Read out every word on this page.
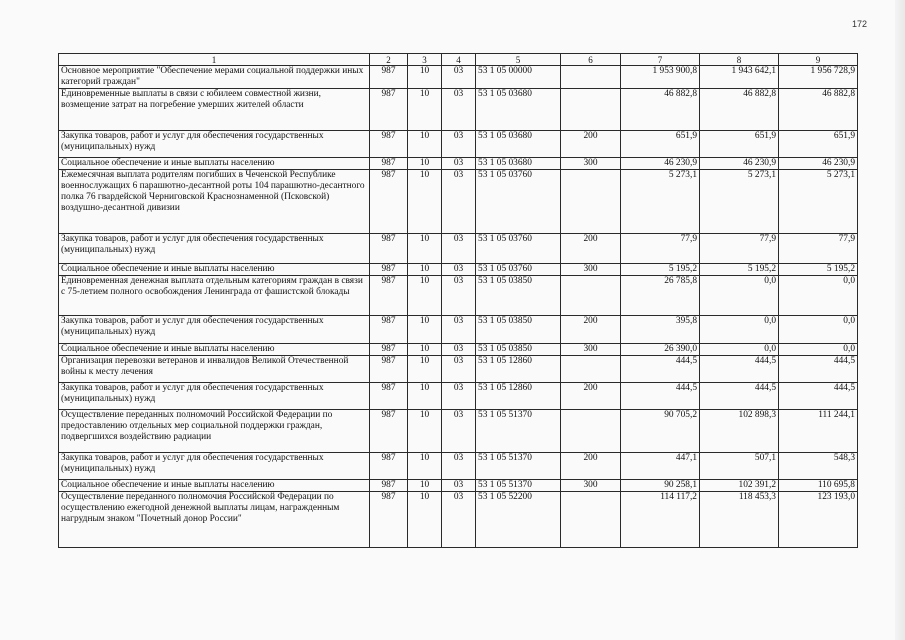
172
1	2	3	4	5	6	7	8	9
Основное мероприятие "Обеспечение мерами социальной поддержки иных категорий граждан"	987	10	03	53 1 05 00000		1 953 900,8	1 943 642,1	1 956 728,9
Единовременные выплаты в связи с юбилеем совместной жизни, возмещение затрат на погребение умерших жителей области	987	10	03	53 1 05 03680		46 882,8	46 882,8	46 882,8
Закупка товаров, работ и услуг для обеспечения государственных (муниципальных) нужд	987	10	03	53 1 05 03680	200	651,9	651,9	651,9
Социальное обеспечение и иные выплаты населению	987	10	03	53 1 05 03680	300	46 230,9	46 230,9	46 230,9
Ежемесячная выплата родителям погибших в Чеченской Республике военнослужащих 6 парашютно-десантной роты 104 парашютно-десантного полка 76 гвардейской Черниговской Краснознаменной (Псковской) воздушно-десантной дивизии	987	10	03	53 1 05 03760		5 273,1	5 273,1	5 273,1
Закупка товаров, работ и услуг для обеспечения государственных (муниципальных) нужд	987	10	03	53 1 05 03760	200	77,9	77,9	77,9
Социальное обеспечение и иные выплаты населению	987	10	03	53 1 05 03760	300	5 195,2	5 195,2	5 195,2
Единовременная денежная выплата отдельным категориям граждан в связи с 75-летием полного освобождения Ленинграда от фашистской блокады	987	10	03	53 1 05 03850		26 785,8	0,0	0,0
Закупка товаров, работ и услуг для обеспечения государственных (муниципальных) нужд	987	10	03	53 1 05 03850	200	395,8	0,0	0,0
Социальное обеспечение и иные выплаты населению	987	10	03	53 1 05 03850	300	26 390,0	0,0	0,0
Организация перевозки ветеранов и инвалидов Великой Отечественной войны к месту лечения	987	10	03	53 1 05 12860		444,5	444,5	444,5
Закупка товаров, работ и услуг для обеспечения государственных (муниципальных) нужд	987	10	03	53 1 05 12860	200	444,5	444,5	444,5
Осуществление переданных полномочий Российской Федерации по предоставлению отдельных мер социальной поддержки граждан, подвергшихся воздействию радиации	987	10	03	53 1 05 51370		90 705,2	102 898,3	111 244,1
Закупка товаров, работ и услуг для обеспечения государственных (муниципальных) нужд	987	10	03	53 1 05 51370	200	447,1	507,1	548,3
Социальное обеспечение и иные выплаты населению	987	10	03	53 1 05 51370	300	90 258,1	102 391,2	110 695,8
Осуществление переданного полномочия Российской Федерации по осуществлению ежегодной денежной выплаты лицам, награжденным нагрудным знаком "Почетный донор России"	987	10	03	53 1 05 52200		114 117,2	118 453,3	123 193,0
